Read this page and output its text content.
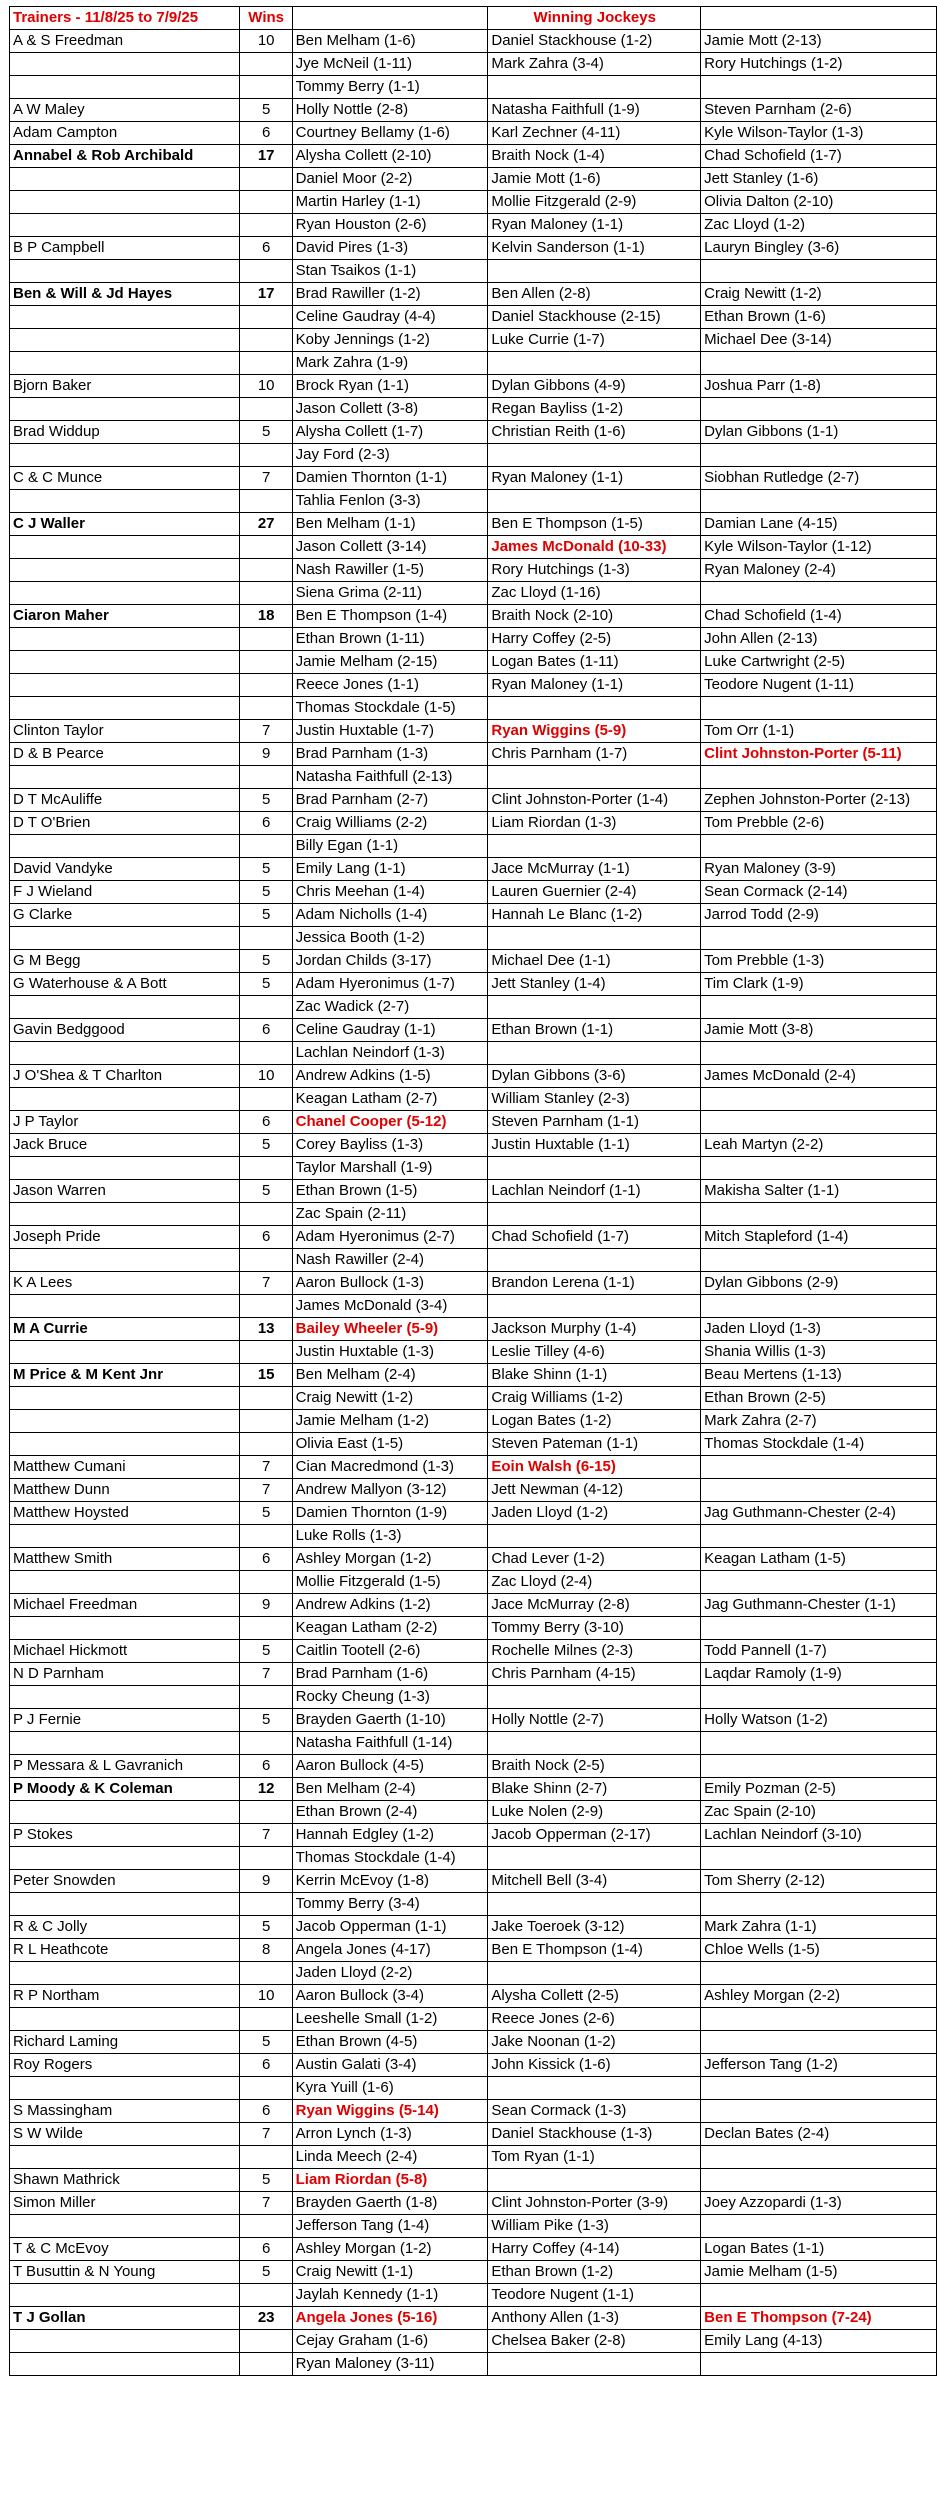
Trainers - 11/8/25 to 7/9/25	Wins		Winning Jockeys	
A & S Freedman	10	Ben Melham (1-6)	Daniel Stackhouse (1-2)	Jamie Mott (2-13)
		Jye McNeil (1-11)	Mark Zahra (3-4)	Rory Hutchings (1-2)
		Tommy Berry (1-1)		
A W Maley	5	Holly Nottle (2-8)	Natasha Faithfull (1-9)	Steven Parnham (2-6)
Adam Campton	6	Courtney Bellamy (1-6)	Karl Zechner (4-11)	Kyle Wilson-Taylor (1-3)
Annabel & Rob Archibald	17	Alysha Collett (2-10)	Braith Nock (1-4)	Chad Schofield (1-7)
		Daniel Moor (2-2)	Jamie Mott (1-6)	Jett Stanley (1-6)
		Martin Harley (1-1)	Mollie Fitzgerald (2-9)	Olivia Dalton (2-10)
		Ryan Houston (2-6)	Ryan Maloney (1-1)	Zac Lloyd (1-2)
B P Campbell	6	David Pires (1-3)	Kelvin Sanderson (1-1)	Lauryn Bingley (3-6)
		Stan Tsaikos (1-1)		
Ben & Will & Jd Hayes	17	Brad Rawiller (1-2)	Ben Allen (2-8)	Craig Newitt (1-2)
		Celine Gaudray (4-4)	Daniel Stackhouse (2-15)	Ethan Brown (1-6)
		Koby Jennings (1-2)	Luke Currie (1-7)	Michael Dee (3-14)
		Mark Zahra (1-9)		
Bjorn Baker	10	Brock Ryan (1-1)	Dylan Gibbons (4-9)	Joshua Parr (1-8)
		Jason Collett (3-8)	Regan Bayliss (1-2)	
Brad Widdup	5	Alysha Collett (1-7)	Christian Reith (1-6)	Dylan Gibbons (1-1)
		Jay Ford (2-3)		
C & C Munce	7	Damien Thornton (1-1)	Ryan Maloney (1-1)	Siobhan Rutledge (2-7)
		Tahlia Fenlon (3-3)		
C J Waller	27	Ben Melham (1-1)	Ben E Thompson (1-5)	Damian Lane (4-15)
		Jason Collett (3-14)	James McDonald (10-33)	Kyle Wilson-Taylor (1-12)
		Nash Rawiller (1-5)	Rory Hutchings (1-3)	Ryan Maloney (2-4)
		Siena Grima (2-11)	Zac Lloyd (1-16)	
Ciaron Maher	18	Ben E Thompson (1-4)	Braith Nock (2-10)	Chad Schofield (1-4)
		Ethan Brown (1-11)	Harry Coffey (2-5)	John Allen (2-13)
		Jamie Melham (2-15)	Logan Bates (1-11)	Luke Cartwright (2-5)
		Reece Jones (1-1)	Ryan Maloney (1-1)	Teodore Nugent (1-11)
		Thomas Stockdale (1-5)		
Clinton Taylor	7	Justin Huxtable (1-7)	Ryan Wiggins (5-9)	Tom Orr (1-1)
D & B Pearce	9	Brad Parnham (1-3)	Chris Parnham (1-7)	Clint Johnston-Porter (5-11)
		Natasha Faithfull (2-13)		
D T McAuliffe	5	Brad Parnham (2-7)	Clint Johnston-Porter (1-4)	Zephen Johnston-Porter (2-13)
D T O'Brien	6	Craig Williams (2-2)	Liam Riordan (1-3)	Tom Prebble (2-6)
		Billy Egan (1-1)		
David Vandyke	5	Emily Lang (1-1)	Jace McMurray (1-1)	Ryan Maloney (3-9)
F J Wieland	5	Chris Meehan (1-4)	Lauren Guernier (2-4)	Sean Cormack (2-14)
G Clarke	5	Adam Nicholls (1-4)	Hannah Le Blanc (1-2)	Jarrod Todd (2-9)
		Jessica Booth (1-2)		
G M Begg	5	Jordan Childs (3-17)	Michael Dee (1-1)	Tom Prebble (1-3)
G Waterhouse & A Bott	5	Adam Hyeronimus (1-7)	Jett Stanley (1-4)	Tim Clark (1-9)
		Zac Wadick (2-7)		
Gavin Bedggood	6	Celine Gaudray (1-1)	Ethan Brown (1-1)	Jamie Mott (3-8)
		Lachlan Neindorf (1-3)		
J O'Shea & T Charlton	10	Andrew Adkins (1-5)	Dylan Gibbons (3-6)	James McDonald (2-4)
		Keagan Latham (2-7)	William Stanley (2-3)	
J P Taylor	6	Chanel Cooper (5-12)	Steven Parnham (1-1)	
Jack Bruce	5	Corey Bayliss (1-3)	Justin Huxtable (1-1)	Leah Martyn (2-2)
		Taylor Marshall (1-9)		
Jason Warren	5	Ethan Brown (1-5)	Lachlan Neindorf (1-1)	Makisha Salter (1-1)
		Zac Spain (2-11)		
Joseph Pride	6	Adam Hyeronimus (2-7)	Chad Schofield (1-7)	Mitch Stapleford (1-4)
		Nash Rawiller (2-4)		
K A Lees	7	Aaron Bullock (1-3)	Brandon Lerena (1-1)	Dylan Gibbons (2-9)
		James McDonald (3-4)		
M A Currie	13	Bailey Wheeler (5-9)	Jackson Murphy (1-4)	Jaden Lloyd (1-3)
		Justin Huxtable (1-3)	Leslie Tilley (4-6)	Shania Willis (1-3)
M Price & M Kent Jnr	15	Ben Melham (2-4)	Blake Shinn (1-1)	Beau Mertens (1-13)
		Craig Newitt (1-2)	Craig Williams (1-2)	Ethan Brown (2-5)
		Jamie Melham (1-2)	Logan Bates (1-2)	Mark Zahra (2-7)
		Olivia East (1-5)	Steven Pateman (1-1)	Thomas Stockdale (1-4)
Matthew Cumani	7	Cian Macredmond (1-3)	Eoin Walsh (6-15)	
Matthew Dunn	7	Andrew Mallyon (3-12)	Jett Newman (4-12)	
Matthew Hoysted	5	Damien Thornton (1-9)	Jaden Lloyd (1-2)	Jag Guthmann-Chester (2-4)
		Luke Rolls (1-3)		
Matthew Smith	6	Ashley Morgan (1-2)	Chad Lever (1-2)	Keagan Latham (1-5)
		Mollie Fitzgerald (1-5)	Zac Lloyd (2-4)	
Michael Freedman	9	Andrew Adkins (1-2)	Jace McMurray (2-8)	Jag Guthmann-Chester (1-1)
		Keagan Latham (2-2)	Tommy Berry (3-10)	
Michael Hickmott	5	Caitlin Tootell (2-6)	Rochelle Milnes (2-3)	Todd Pannell (1-7)
N D Parnham	7	Brad Parnham (1-6)	Chris Parnham (4-15)	Laqdar Ramoly (1-9)
		Rocky Cheung (1-3)		
P J Fernie	5	Brayden Gaerth (1-10)	Holly Nottle (2-7)	Holly Watson (1-2)
		Natasha Faithfull (1-14)		
P Messara & L Gavranich	6	Aaron Bullock (4-5)	Braith Nock (2-5)	
P Moody & K Coleman	12	Ben Melham (2-4)	Blake Shinn (2-7)	Emily Pozman (2-5)
		Ethan Brown (2-4)	Luke Nolen (2-9)	Zac Spain (2-10)
P Stokes	7	Hannah Edgley (1-2)	Jacob Opperman (2-17)	Lachlan Neindorf (3-10)
		Thomas Stockdale (1-4)		
Peter Snowden	9	Kerrin McEvoy (1-8)	Mitchell Bell (3-4)	Tom Sherry (2-12)
		Tommy Berry (3-4)		
R & C Jolly	5	Jacob Opperman (1-1)	Jake Toeroek (3-12)	Mark Zahra (1-1)
R L Heathcote	8	Angela Jones (4-17)	Ben E Thompson (1-4)	Chloe Wells (1-5)
		Jaden Lloyd (2-2)		
R P Northam	10	Aaron Bullock (3-4)	Alysha Collett (2-5)	Ashley Morgan (2-2)
		Leeshelle Small (1-2)	Reece Jones (2-6)	
Richard Laming	5	Ethan Brown (4-5)	Jake Noonan (1-2)	
Roy Rogers	6	Austin Galati (3-4)	John Kissick (1-6)	Jefferson Tang (1-2)
		Kyra Yuill (1-6)		
S Massingham	6	Ryan Wiggins (5-14)	Sean Cormack (1-3)	
S W Wilde	7	Arron Lynch (1-3)	Daniel Stackhouse (1-3)	Declan Bates (2-4)
		Linda Meech (2-4)	Tom Ryan (1-1)	
Shawn Mathrick	5	Liam Riordan (5-8)		
Simon Miller	7	Brayden Gaerth (1-8)	Clint Johnston-Porter (3-9)	Joey Azzopardi (1-3)
		Jefferson Tang (1-4)	William Pike (1-3)	
T & C McEvoy	6	Ashley Morgan (1-2)	Harry Coffey (4-14)	Logan Bates (1-1)
T Busuttin & N Young	5	Craig Newitt (1-1)	Ethan Brown (1-2)	Jamie Melham (1-5)
		Jaylah Kennedy (1-1)	Teodore Nugent (1-1)	
T J Gollan	23	Angela Jones (5-16)	Anthony Allen (1-3)	Ben E Thompson (7-24)
		Cejay Graham (1-6)	Chelsea Baker (2-8)	Emily Lang (4-13)
		Ryan Maloney (3-11)		
